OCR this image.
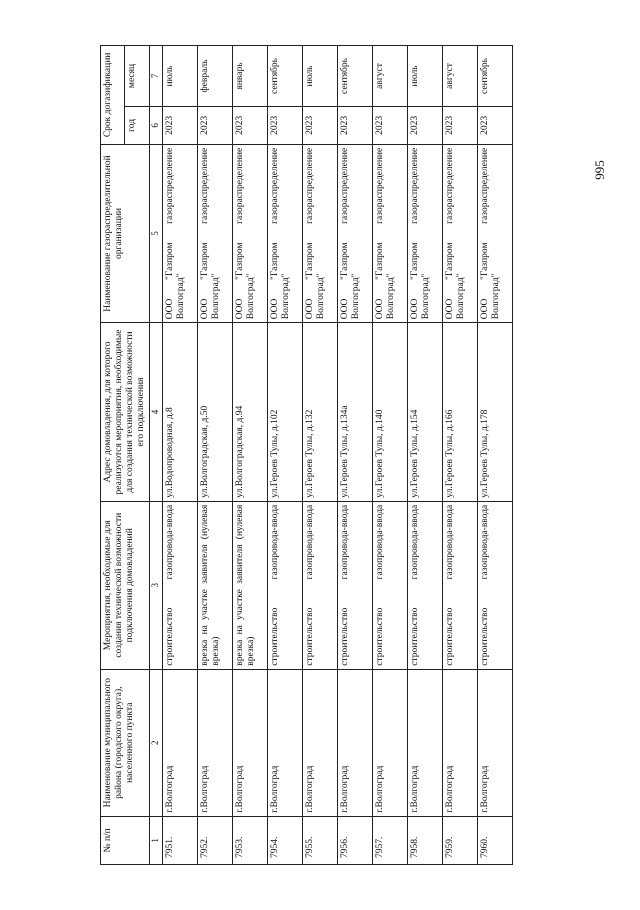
995
№ п/п	Наименование муниципального района (городского округа), населенного пункта	Мероприятия, необходимые для создания технической возможности подключения домовладений	Адрес домовладения, для которого реализуются мероприятия, необходимые для создания технической возможности его подключения	Наименование газораспределительной организации	Срок догазификации	
					год	месяц
1	2	3	4	5	6	7
7951.	г.Волгоград	строительство газопровода-ввода	ул.Водопроводная, д.8	ООО "Газпром газораспределение Волгоград"	2023	июль
7952.	г.Волгоград	врезка на участке заявителя (нулевая врезка)	ул.Волгоградская, д.50	ООО "Газпром газораспределение Волгоград"	2023	февраль
7953.	г.Волгоград	врезка на участке заявителя (нулевая врезка)	ул.Волгоградская, д.94	ООО "Газпром газораспределение Волгоград"	2023	январь
7954.	г.Волгоград	строительство газопровода-ввода	ул.Героев Тулы, д.102	ООО "Газпром газораспределение Волгоград"	2023	сентябрь
7955.	г.Волгоград	строительство газопровода-ввода	ул.Героев Тулы, д.132	ООО "Газпром газораспределение Волгоград"	2023	июль
7956.	г.Волгоград	строительство газопровода-ввода	ул.Героев Тулы, д.134а	ООО "Газпром газораспределение Волгоград"	2023	сентябрь
7957.	г.Волгоград	строительство газопровода-ввода	ул.Героев Тулы, д.140	ООО "Газпром газораспределение Волгоград"	2023	август
7958.	г.Волгоград	строительство газопровода-ввода	ул.Героев Тулы, д.154	ООО "Газпром газораспределение Волгоград"	2023	июль
7959.	г.Волгоград	строительство газопровода-ввода	ул.Героев Тулы, д.166	ООО "Газпром газораспределение Волгоград"	2023	август
7960.	г.Волгоград	строительство газопровода-ввода	ул.Героев Тулы, д.178	ООО "Газпром газораспределение Волгоград"	2023	сентябрь
